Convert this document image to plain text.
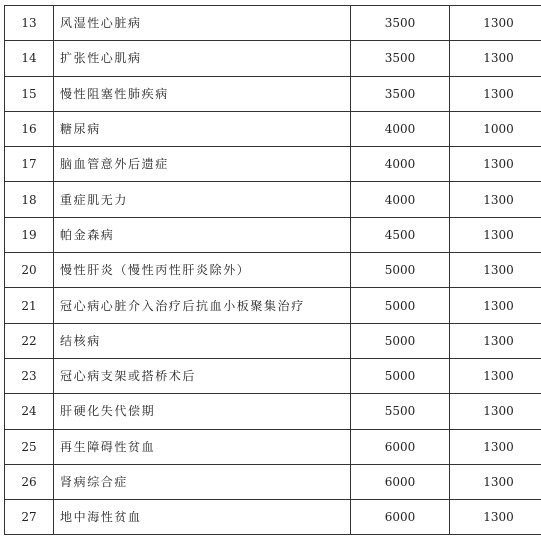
13	风湿性心脏病	3500	1300
14	扩张性心肌病	3500	1300
15	慢性阻塞性肺疾病	3500	1300
16	糖尿病	4000	1000
17	脑血管意外后遗症	4000	1300
18	重症肌无力	4000	1300
19	帕金森病	4500	1300
20	慢性肝炎（慢性丙性肝炎除外）	5000	1300
21	冠心病心脏介入治疗后抗血小板聚集治疗	5000	1300
22	结核病	5000	1300
23	冠心病支架或搭桥术后	5000	1300
24	肝硬化失代偿期	5500	1300
25	再生障碍性贫血	6000	1300
26	肾病综合症	6000	1300
27	地中海性贫血	6000	1300
